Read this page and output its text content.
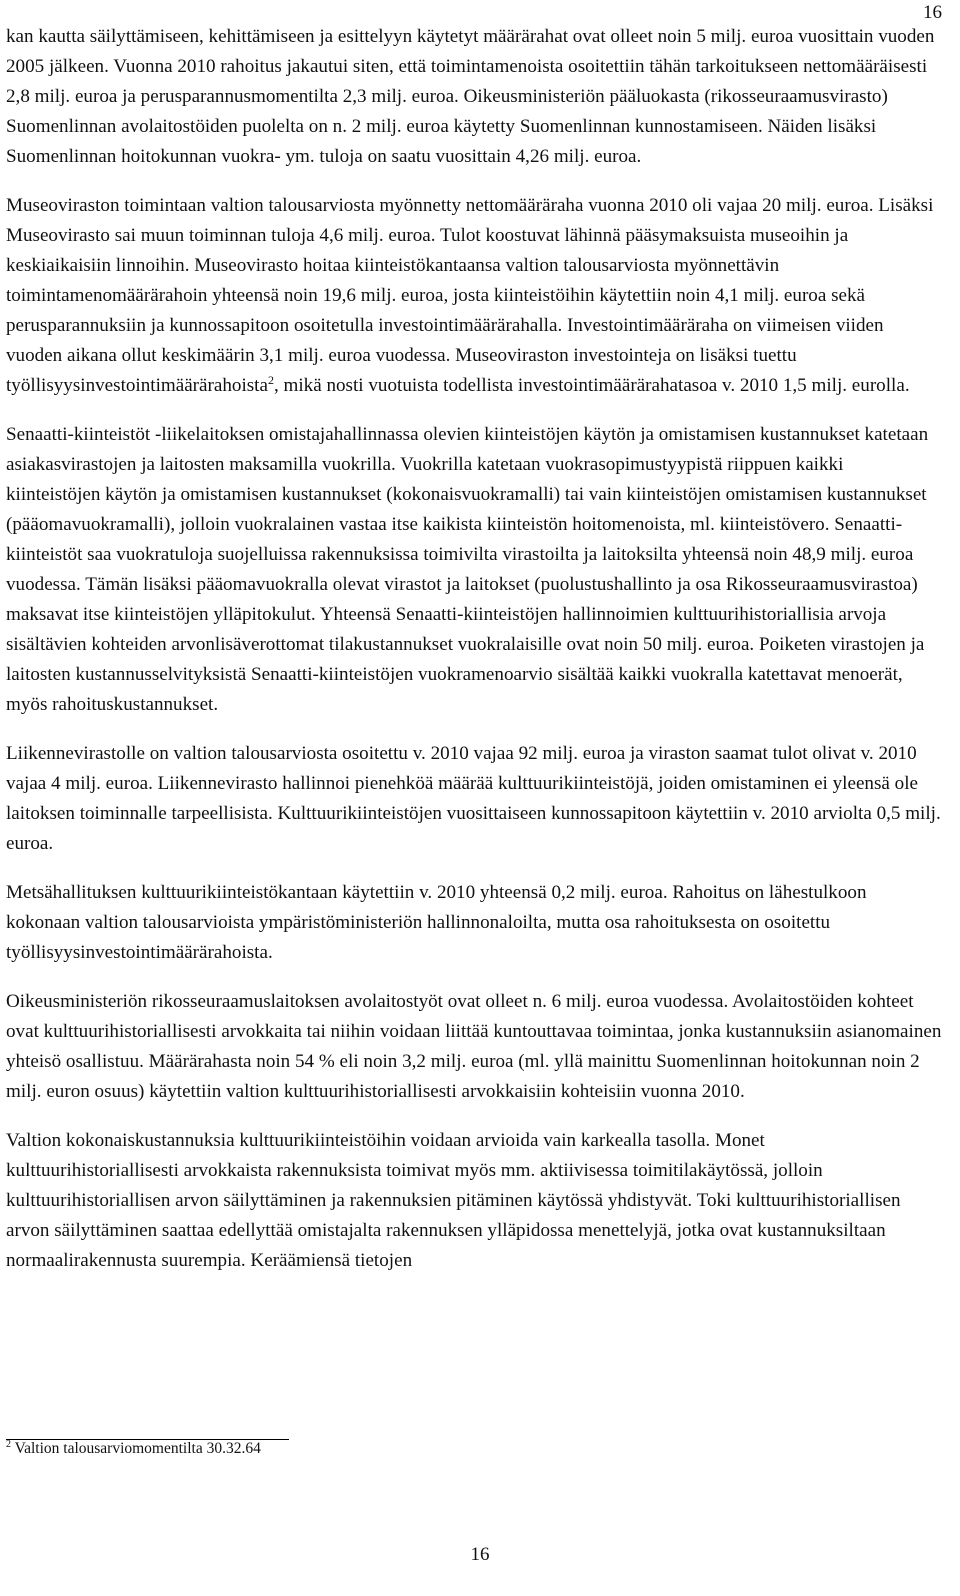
16

kan kautta säilyttämiseen, kehittämiseen ja esittelyyn käytetyt määrärahat ovat olleet noin 5 milj. euroa vuosittain vuoden 2005 jälkeen. Vuonna 2010 rahoitus jakautui siten, että toimintamenoista osoitettiin tähän tarkoitukseen nettomääräisesti 2,8 milj. euroa ja perusparannusmomentilta 2,3 milj. euroa. Oikeusministeriön pääluokasta (rikosseuraamusvirasto) Suomenlinnan avolaitostöiden puolelta on n. 2 milj. euroa käytetty Suomenlinnan kunnostamiseen. Näiden lisäksi Suomenlinnan hoitokunnan vuokra- ym. tuloja on saatu vuosittain 4,26 milj. euroa.

Museoviraston toimintaan valtion talousarviosta myönnetty nettomääräraha vuonna 2010 oli vajaa 20 milj. euroa. Lisäksi Museovirasto sai muun toiminnan tuloja 4,6 milj. euroa. Tulot koostuvat lähinnä pääsymaksuista museoihin ja keskiaikaisiin linnoihin. Museovirasto hoitaa kiinteistökantaansa valtion talousarviosta myönnettävin toimintamenomäärärahoin yhteensä noin 19,6 milj. euroa, josta kiinteistöihin käytettiin noin 4,1 milj. euroa sekä perusparannuksiin ja kunnossapitoon osoitetulla investointimäärärahalla. Investointimääräraha on viimeisen viiden vuoden aikana ollut keskimäärin 3,1 milj. euroa vuodessa. Museoviraston investointeja on lisäksi tuettu työllisyysinvestointimäärärahoista$^2$, mikä nosti vuotuista todellista investointimäärärahatasoa v. 2010 1,5 milj. eurolla.

Senaatti-kiinteistöt -liikelaitoksen omistajahallinnassa olevien kiinteistöjen käytön ja omistamisen kustannukset katetaan asiakasvirastojen ja laitosten maksamilla vuokrilla. Vuokrilla katetaan vuokrasopimustyypistä riippuen kaikki kiinteistöjen käytön ja omistamisen kustannukset (kokonaisvuokramalli) tai vain kiinteistöjen omistamisen kustannukset (pääomavuokramalli), jolloin vuokralainen vastaa itse kaikista kiinteistön hoitomenoista, ml. kiinteistövero. Senaatti-kiinteistöt saa vuokratuloja suojelluissa rakennuksissa toimivilta virastoilta ja laitoksilta yhteensä noin 48,9 milj. euroa vuodessa. Tämän lisäksi pääomavuokralla olevat virastot ja laitokset (puolustushallinto ja osa Rikosseuraamusvirastoa) maksavat itse kiinteistöjen ylläpitokulut. Yhteensä Senaatti-kiinteistöjen hallinnoimien kulttuurihistoriallisia arvoja sisältävien kohteiden arvonlisäverottomat tilakustannukset vuokralaisille ovat noin 50 milj. euroa. Poiketen virastojen ja laitosten kustannusselvityksistä Senaatti-kiinteistöjen vuokramenoarvio sisältää kaikki vuokralla katettavat menoerät, myös rahoituskustannukset.

Liikennevirastolle on valtion talousarviosta osoitettu v. 2010 vajaa 92 milj. euroa ja viraston saamat tulot olivat v. 2010 vajaa 4 milj. euroa. Liikennevirasto hallinnoi pienehköä määrää kulttuurikiinteistöjä, joiden omistaminen ei yleensä ole laitoksen toiminnalle tarpeellisista. Kulttuurikiinteistöjen vuosittaiseen kunnossapitoon käytettiin v. 2010 arviolta 0,5 milj. euroa.

Metsähallituksen kulttuurikiinteistökantaan käytettiin v. 2010 yhteensä 0,2 milj. euroa. Rahoitus on lähestulkoon kokonaan valtion talousarvioista ympäristöministeriön hallinnonaloilta, mutta osa rahoituksesta on osoitettu työllisyysinvestointimäärärahoista.

Oikeusministeriön rikosseuraamuslaitoksen avolaitostyöt ovat olleet n. 6 milj. euroa vuodessa. Avolaitostöiden kohteet ovat kulttuurihistoriallisesti arvokkaita tai niihin voidaan liittää kuntouttavaa toimintaa, jonka kustannuksiin asianomainen yhteisö osallistuu. Määrärahasta noin 54 % eli noin 3,2 milj. euroa (ml. yllä mainittu Suomenlinnan hoitokunnan noin 2 milj. euron osuus) käytettiin valtion kulttuurihistoriallisesti arvokkaisiin kohteisiin vuonna 2010.

Valtion kokonaiskustannuksia kulttuurikiinteistöihin voidaan arvioida vain karkealla tasolla. Monet kulttuurihistoriallisesti arvokkaista rakennuksista toimivat myös mm. aktiivisessa toimitilakäytössä, jolloin kulttuurihistoriallisen arvon säilyttäminen ja rakennuksien pitäminen käytössä yhdistyvät. Toki kulttuurihistoriallisen arvon säilyttäminen saattaa edellyttää omistajalta rakennuksen ylläpidossa menettelyjä, jotka ovat kustannuksiltaan normaalirakennusta suurempia. Keräämiensä tietojen

$^2$ Valtion talousarviomomentilta 30.32.64
16
